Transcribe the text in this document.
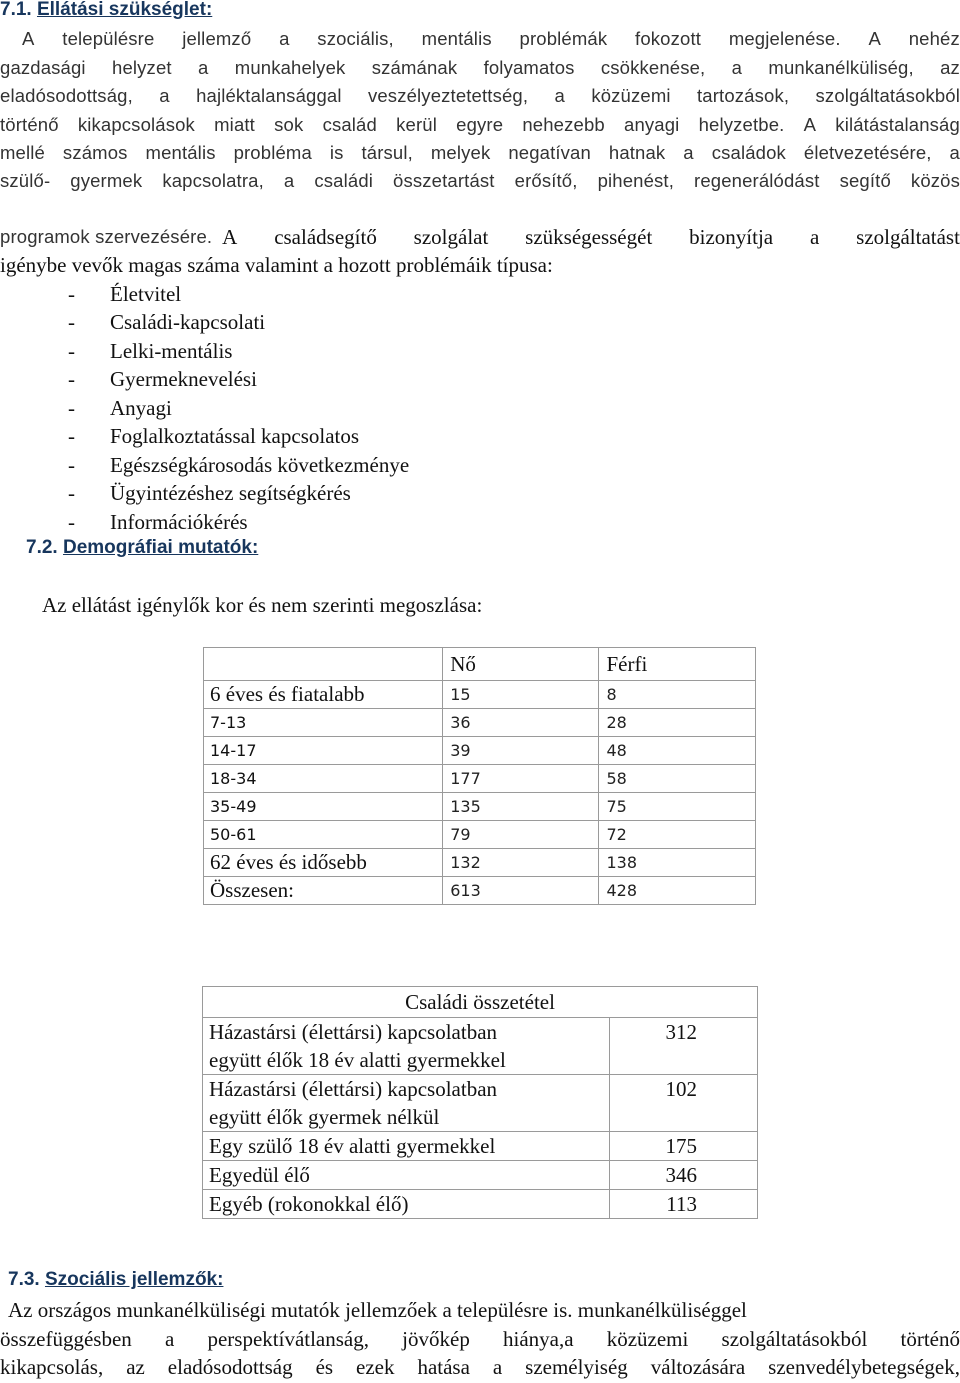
7.1. Ellátási szükséglet:
A településre jellemző a szociális, mentális problémák fokozott megjelenése. A nehéz
gazdasági helyzet a munkahelyek számának folyamatos csökkenése, a munkanélküliség, az
eladósodottság, a hajléktalansággal veszélyeztetettség, a közüzemi tartozások, szolgáltatásokból
történő kikapcsolások miatt sok család kerül egyre nehezebb anyagi helyzetbe. A kilátástalanság
mellé számos mentális probléma is társul, melyek negatívan hatnak a családok életvezetésére, a
szülő- gyermek kapcsolatra, a családi összetartást erősítő, pihenést, regenerálódást segítő közös
programok szervezésére. A családsegítő szolgálat szükségességét bizonyítja a szolgáltatást
igénybe vevők magas száma valamint a hozott problémáik típusa:
- Életvitel
- Családi-kapcsolati
- Lelki-mentális
- Gyermeknevelési
- Anyagi
- Foglalkoztatással kapcsolatos
- Egészségkárosodás következménye
- Ügyintézéshez segítségkérés
- Információkérés
7.2. Demográfiai mutatók:
Az ellátást igénylők kor és nem szerinti megoszlása:
	Nő	Férfi
6 éves és fiatalabb	15	8
7-13	36	28
14-17	39	48
18-34	177	58
35-49	135	75
50-61	79	72
62 éves és idősebb	132	138
Összesen:	613	428
Családi összetétel	

Házastársi (élettársi) kapcsolatban
együtt élők 18 év alatti gyermekkel	312

Házastársi (élettársi) kapcsolatban
együtt élők gyermek nélkül	102

Egy szülő 18 év alatti gyermekkel	175

Egyedül élő	346

Egyéb (rokonokkal élő)	113
7.3. Szociális jellemzők:
Az országos munkanélküliségi mutatók jellemzőek a településre is. munkanélküliséggel
összefüggésben a perspektívátlanság, jövőkép hiánya,a közüzemi szolgáltatásokból történő
kikapcsolás, az eladósodottság és ezek hatása a személyiség változására szenvedélybetegségek,
